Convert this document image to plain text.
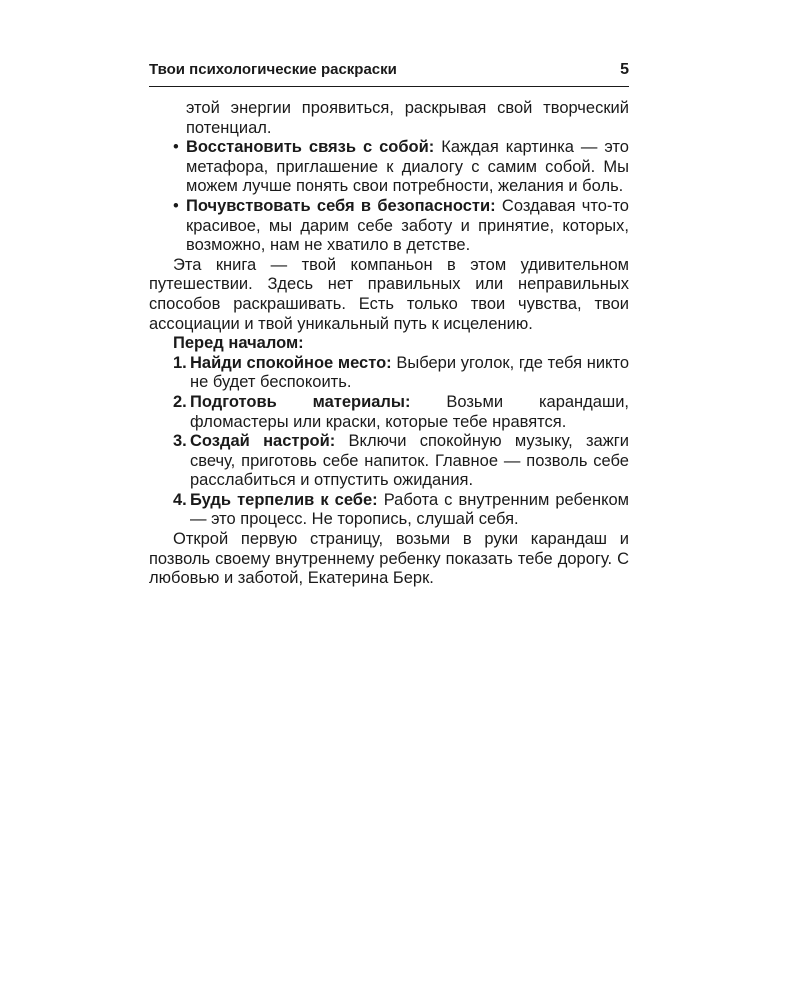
Твои психологические раскраски	5

этой энергии проявиться, раскрывая свой творческий потенциал.

• Восстановить связь с собой: Каждая картинка — это метафора, приглашение к диалогу с самим собой. Мы можем лучше понять свои потребности, желания и боль.
• Почувствовать себя в безопасности: Создавая что-то красивое, мы дарим себе заботу и принятие, которых, возможно, нам не хватило в детстве.

Эта книга — твой компаньон в этом удивительном путешествии. Здесь нет правильных или неправильных способов раскрашивать. Есть только твои чувства, твои ассоциации и твой уникальный путь к исцелению.

Перед началом:

1. Найди спокойное место: Выбери уголок, где тебя никто не будет беспокоить.
2. Подготовь материалы: Возьми карандаши, фломастеры или краски, которые тебе нравятся.
3. Создай настрой: Включи спокойную музыку, зажги свечу, приготовь себе напиток. Главное — позволь себе расслабиться и отпустить ожидания.
4. Будь терпелив к себе: Работа с внутренним ребенком — это процесс. Не торопись, слушай себя.

Открой первую страницу, возьми в руки карандаш и позволь своему внутреннему ребенку показать тебе дорогу. С любовью и заботой, Екатерина Берк.
